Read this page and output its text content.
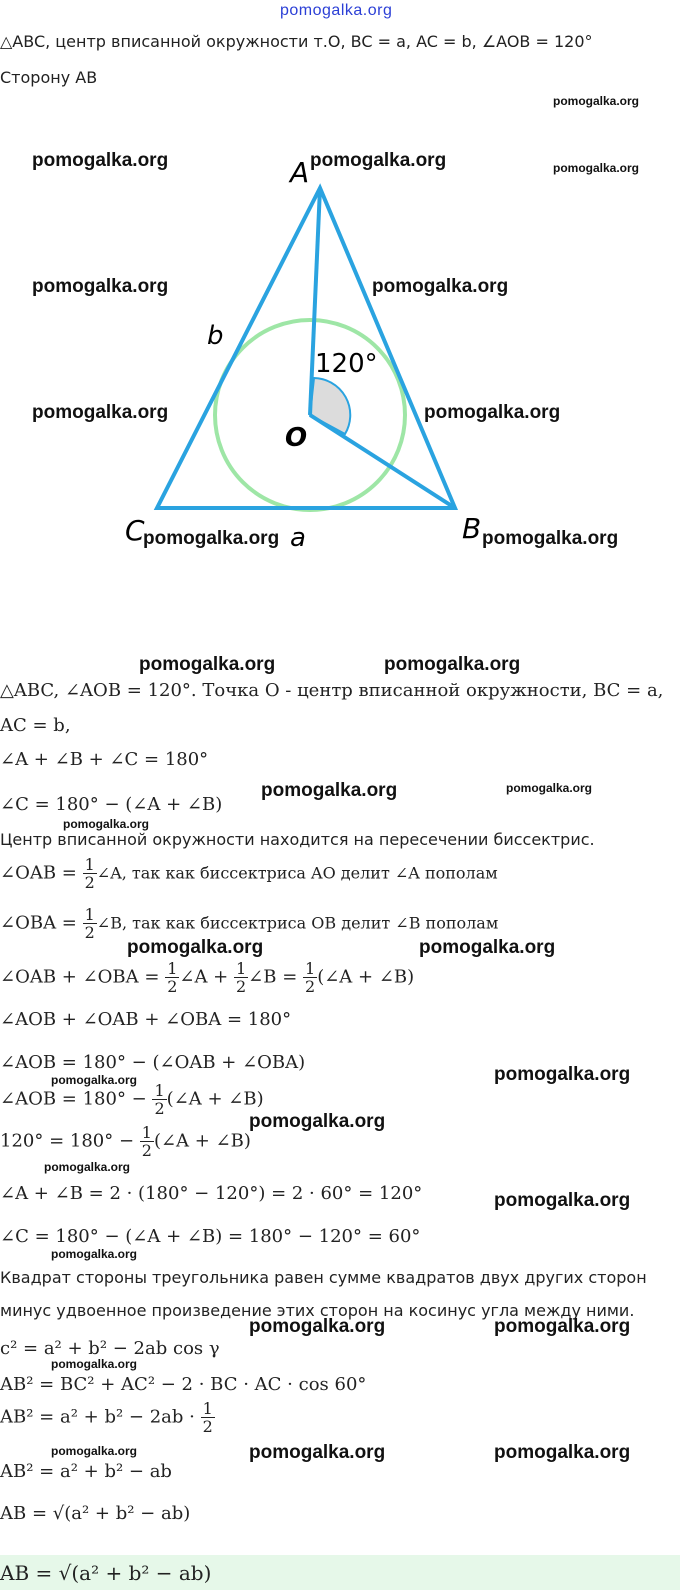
pomogalka.org
△ABC, центр вписанной окружности т.O, BC = a, AC = b, ∠AOB = 120°
Сторону AB
A
B
C
O
b
a
120°
△ABC, ∠AOB = 120°. Точка O - центр вписанной окружности, BC = a,
AC = b,
∠A + ∠B + ∠C = 180°
∠C = 180° − (∠A + ∠B)
Центр вписанной окружности находится на пересечении биссектрис.
∠OAB = $\frac{1}{2}$ ∠A, так как биссектриса AO делит ∠A пополам
∠OBA = $\frac{1}{2}$ ∠B, так как биссектриса OB делит ∠B пополам
∠OAB + ∠OBA = $\frac{1}{2}$ ∠A + $\frac{1}{2}$ ∠B = $\frac{1}{2}$ (∠A + ∠B)
∠AOB + ∠OAB + ∠OBA = 180°
∠AOB = 180° − (∠OAB + ∠OBA)
∠AOB = $180^\circ - \frac{1}{2}$ (∠A + ∠B)
$120^\circ = 180^\circ - \frac{1}{2}$ (∠A + ∠B)
∠A + ∠B = 2 · (180° − 120°) = 2 · 60° = 120°
∠C = 180° − (∠A + ∠B) = 180° − 120° = 60°
Квадрат стороны треугольника равен сумме квадратов двух других сторон
минус удвоенное произведение этих сторон на косинус угла между ними.
c² = a² + b² − 2ab cos γ
AB² = BC² + AC² − 2 · BC · AC · cos 60°
$AB^2 = a^2 + b^2 - 2ab \cdot \frac{1}{2}$
AB² = a² + b² − ab
AB = √(a² + b² − ab)
AB = √(a² + b² − ab)
pomogalka.org	pomogalka.org
pomogalka.org	pomogalka.org
pomogalka.org	pomogalka.org
pomogalka.org	pomogalka.org
pomogalka.org	pomogalka.org
pomogalka.org
pomogalka.org	pomogalka.org
pomogalka.org
pomogalka.org
pomogalka.org
pomogalka.org	pomogalka.org
pomogalka.org	pomogalka.org
pomogalka.org
pomogalka.org
pomogalka.org
pomogalka.org
pomogalka.org
pomogalka.org
pomogalka.org
pomogalka.org
pomogalka.org
